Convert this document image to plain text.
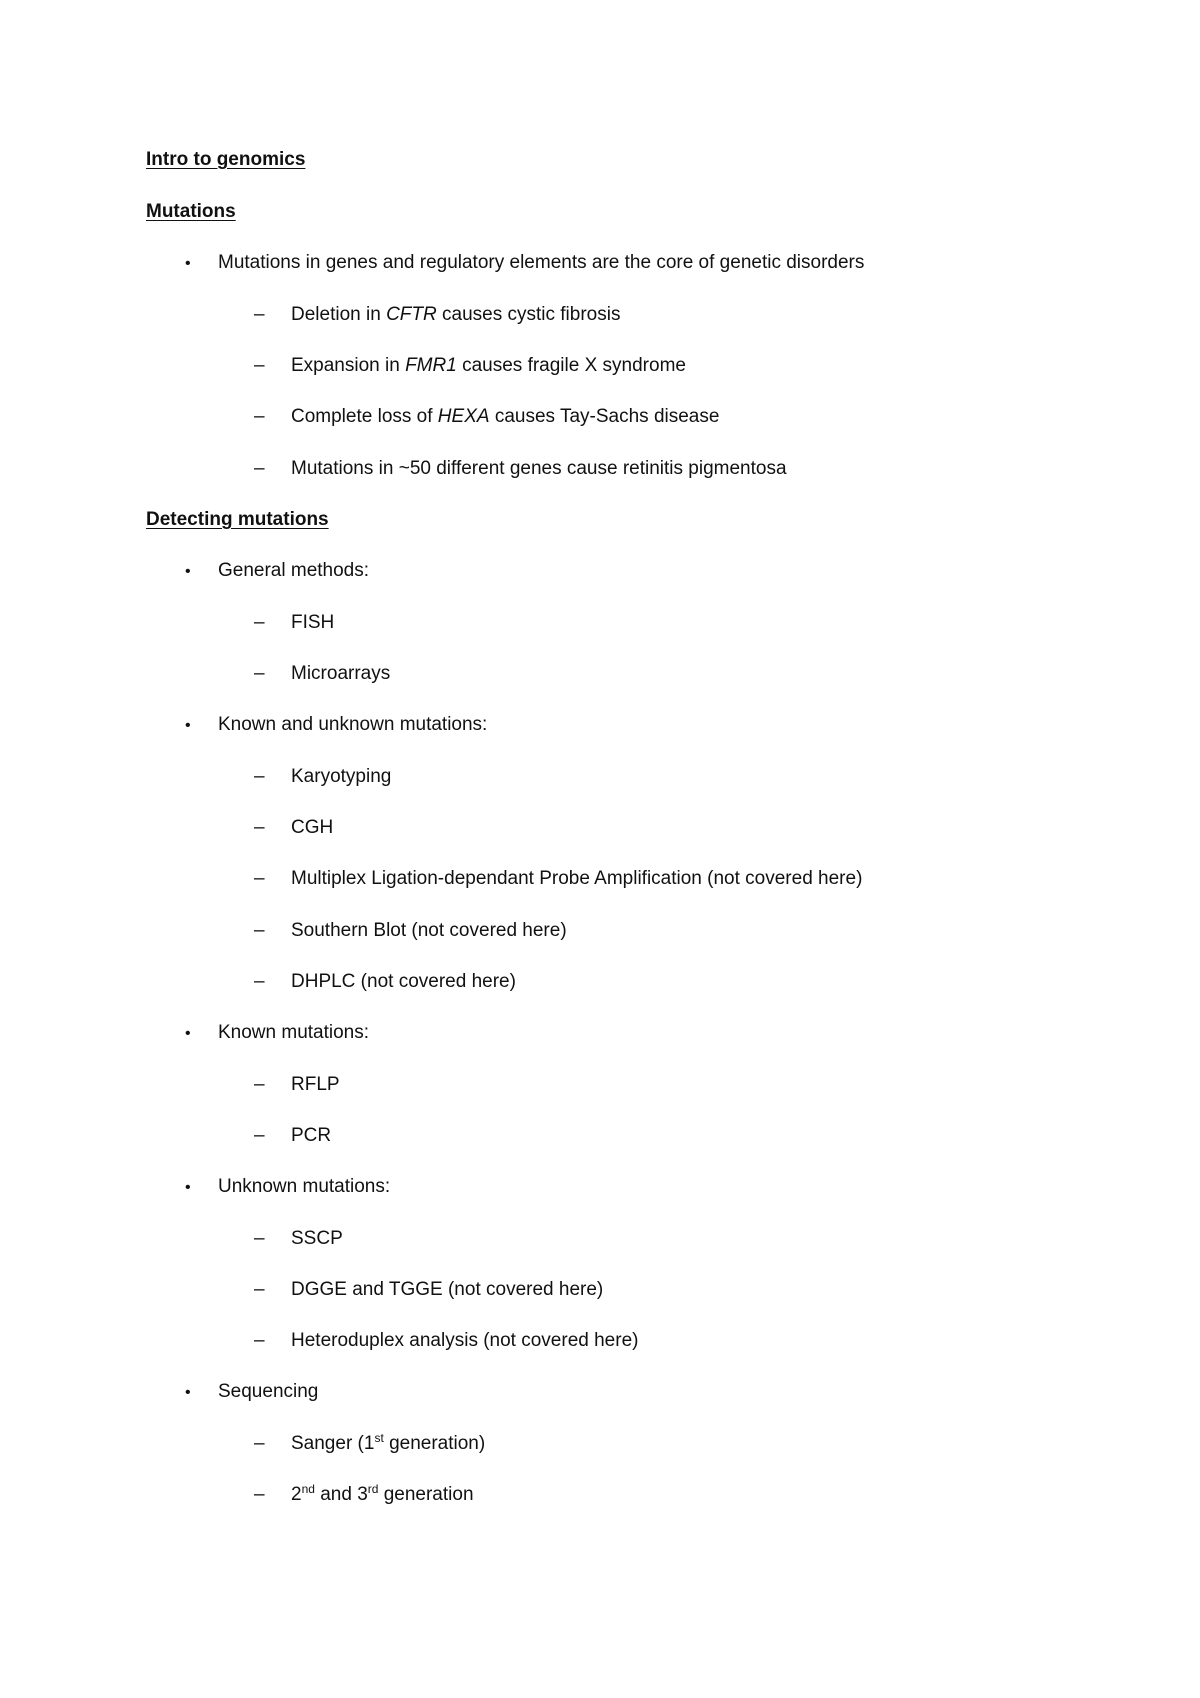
Intro to genomics
Mutations
• Mutations in genes and regulatory elements are the core of genetic disorders
– Deletion in CFTR causes cystic fibrosis
– Expansion in FMR1 causes fragile X syndrome
– Complete loss of HEXA causes Tay-Sachs disease
– Mutations in ~50 different genes cause retinitis pigmentosa
Detecting mutations
• General methods:
– FISH
– Microarrays
• Known and unknown mutations:
– Karyotyping
– CGH
– Multiplex Ligation-dependant Probe Amplification (not covered here)
– Southern Blot (not covered here)
– DHPLC (not covered here)
• Known mutations:
– RFLP
– PCR
• Unknown mutations:
– SSCP
– DGGE and TGGE (not covered here)
– Heteroduplex analysis (not covered here)
• Sequencing
– Sanger (1st generation)
– 2nd and 3rd generation
